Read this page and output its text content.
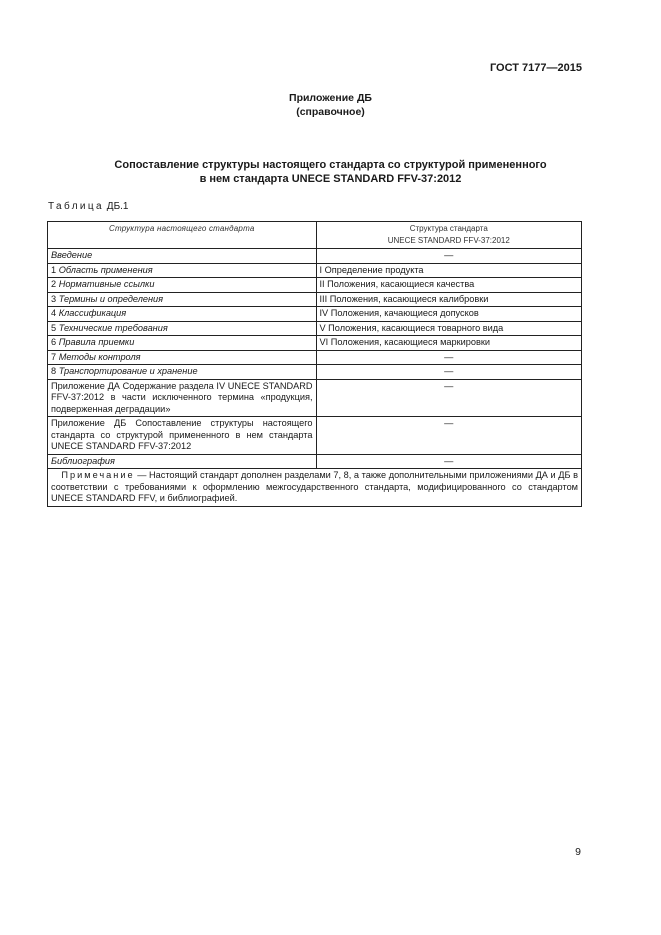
ГОСТ 7177—2015
Приложение ДБ
(справочное)
Сопоставление структуры настоящего стандарта со структурой примененного
в нем стандарта UNECE STANDARD FFV-37:2012
Таблица ДБ.1
Структура настоящего стандарта	Структура стандарта
UNECE STANDARD FFV-37:2012

Введение	—
1 Область применения	I Определение продукта
2 Нормативные ссылки	II Положения, касающиеся качества
3 Термины и определения	III Положения, касающиеся калибровки
4 Классификация	IV Положения, качающиеся допусков
5 Технические требования	V Положения, касающиеся товарного вида
6 Правила приемки	VI Положения, касающиеся маркировки
7 Методы контроля	—
8 Транспортирование и хранение	—
Приложение ДА Содержание раздела IV UNECE STANDARD FFV-37:2012 в части исключенного термина «продукция, подверженная деградации»	—
Приложение ДБ Сопоставление структуры настоящего стандарта со структурой примененного в нем стандарта UNECE STANDARD FFV-37:2012	—
Библиография	—
Примечание — Настоящий стандарт дополнен разделами 7, 8, а также дополнительными приложениями ДА и ДБ в соответствии с требованиями к оформлению межгосударственного стандарта, модифицированного со стандартом UNECE STANDARD FFV, и библиографией.	
9
